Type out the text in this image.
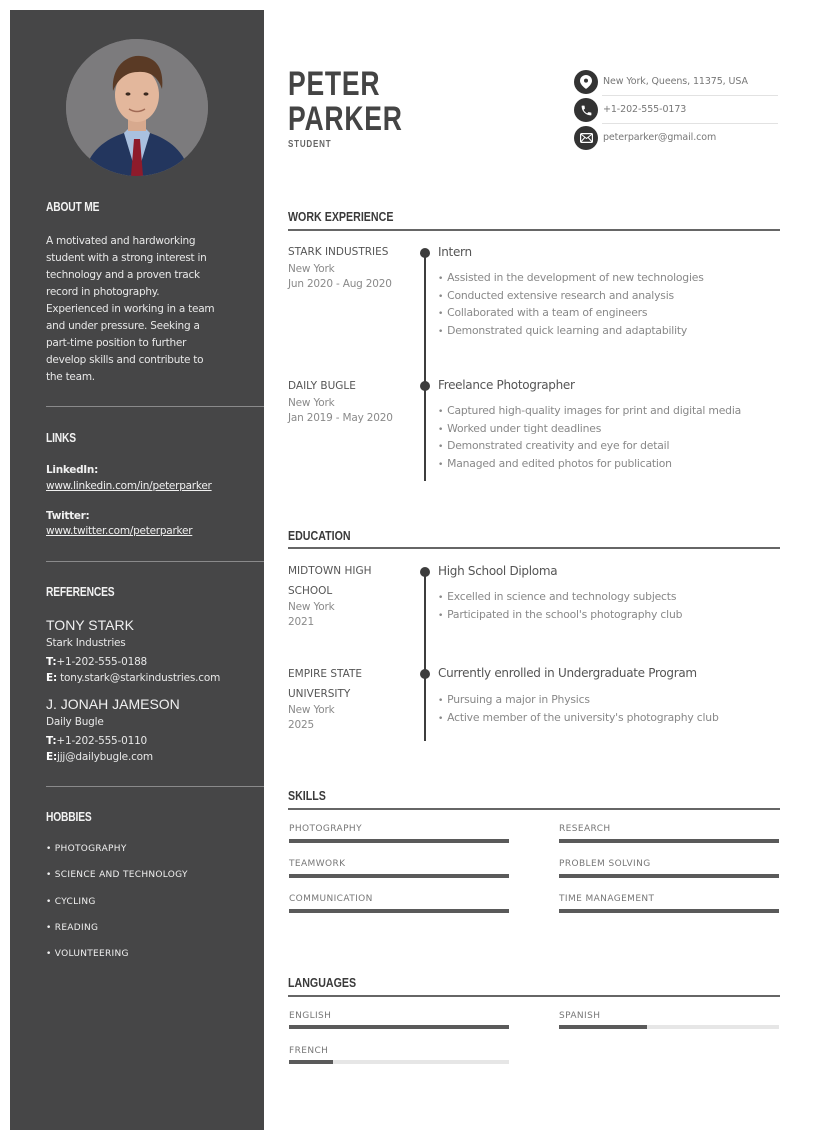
ABOUT ME
A motivated and hardworking
student with a strong interest in
technology and a proven track
record in photography.
Experienced in working in a team
and under pressure. Seeking a
part-time position to further
develop skills and contribute to
the team.
LINKS
LinkedIn:
www.linkedin.com/in/peterparker
Twitter:
www.twitter.com/peterparker
REFERENCES
TONY STARK
Stark Industries
T:+1-202-555-0188
E: tony.stark@starkindustries.com
J. JONAH JAMESON
Daily Bugle
T:+1-202-555-0110
E:jjj@dailybugle.com
HOBBIES
• PHOTOGRAPHY
• SCIENCE AND TECHNOLOGY
• CYCLING
• READING
• VOLUNTEERING
PETER
PARKER
STUDENT
New York, Queens, 11375, USA
+1-202-555-0173
peterparker@gmail.com
WORK EXPERIENCE
STARK INDUSTRIES
New York
Jun 2020 - Aug 2020
Intern
• Assisted in the development of new technologies
• Conducted extensive research and analysis
• Collaborated with a team of engineers
• Demonstrated quick learning and adaptability
DAILY BUGLE
New York
Jan 2019 - May 2020
Freelance Photographer
• Captured high-quality images for print and digital media
• Worked under tight deadlines
• Demonstrated creativity and eye for detail
• Managed and edited photos for publication
EDUCATION
MIDTOWN HIGH
SCHOOL
New York
2021
High School Diploma
• Excelled in science and technology subjects
• Participated in the school's photography club
EMPIRE STATE
UNIVERSITY
New York
2025
Currently enrolled in Undergraduate Program
• Pursuing a major in Physics
• Active member of the university's photography club
SKILLS
PHOTOGRAPHY	RESEARCH
TEAMWORK	PROBLEM SOLVING
COMMUNICATION	TIME MANAGEMENT
LANGUAGES
ENGLISH	SPANISH
FRENCH
